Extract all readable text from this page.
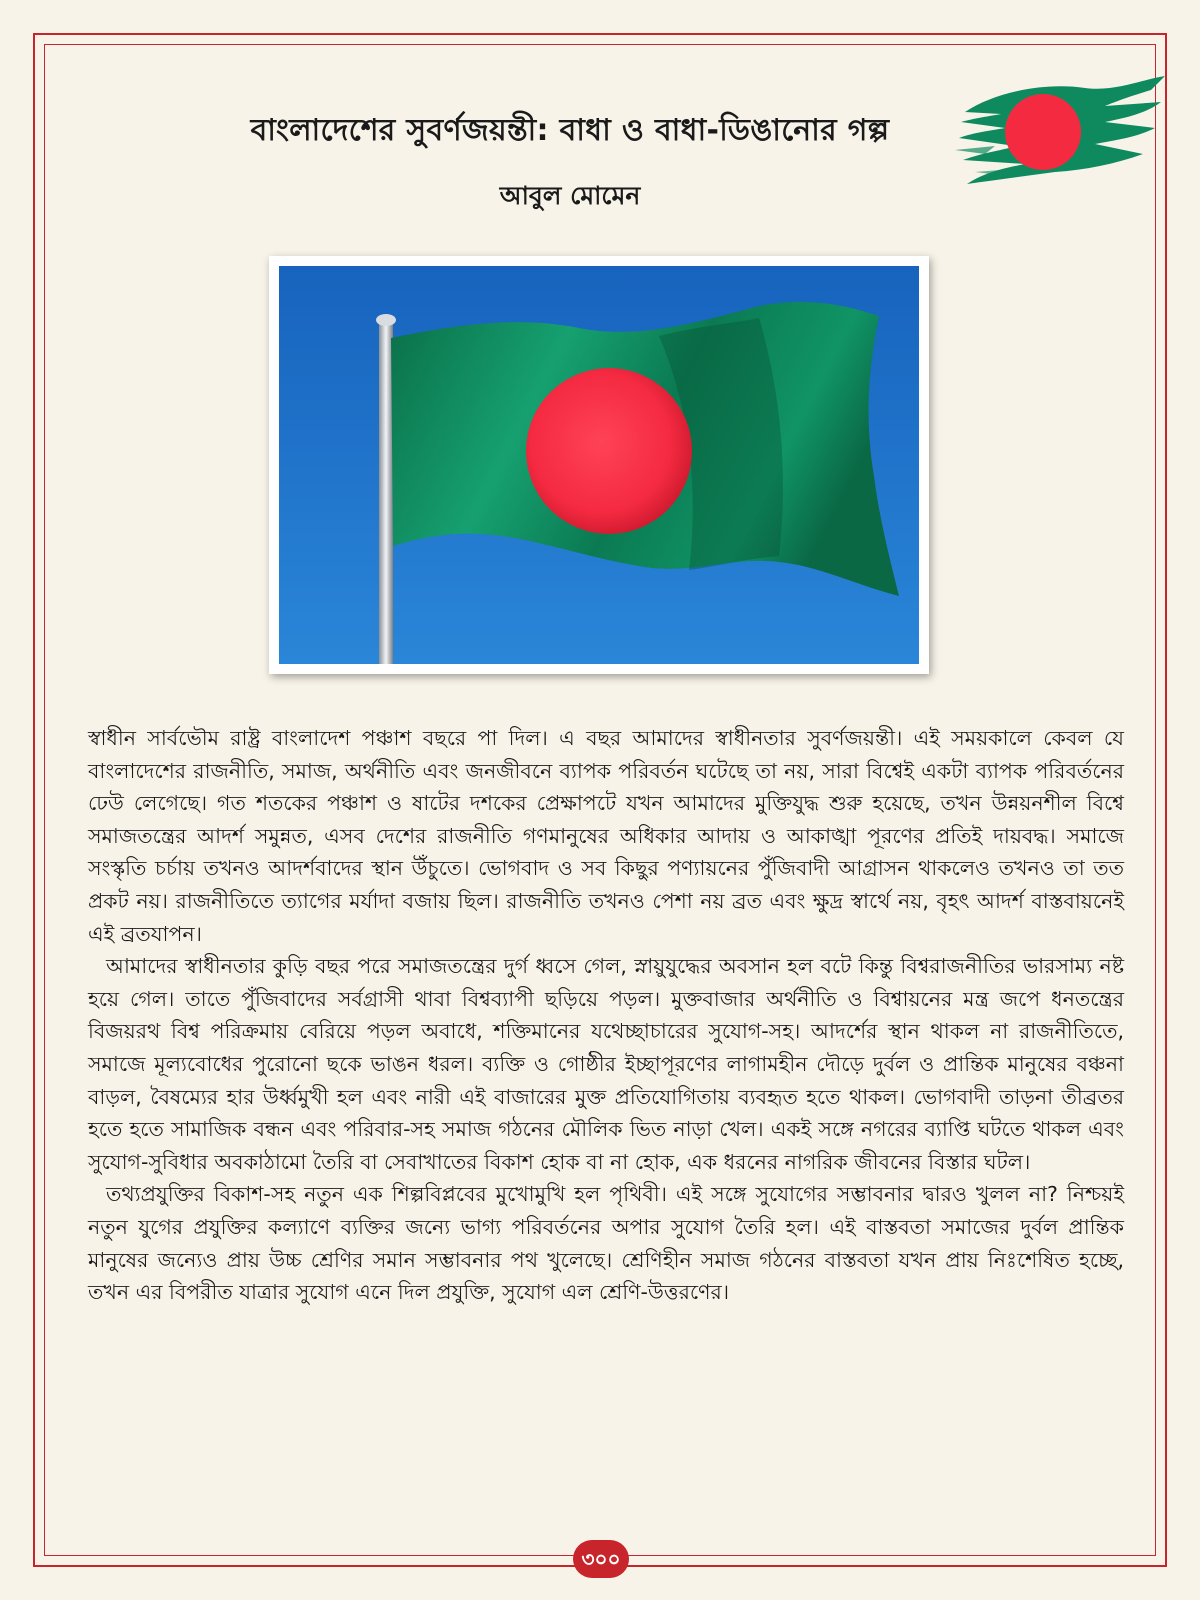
বাংলাদেশের সুবর্ণজয়ন্তী: বাধা ও বাধা-ডিঙানোর গল্প
আবুল মোমেন

স্বাধীন সার্বভৌম রাষ্ট্র বাংলাদেশ পঞ্চাশ বছরে পা দিল। এ বছর আমাদের স্বাধীনতার সুবর্ণজয়ন্তী। এই সময়কালে কেবল যে বাংলাদেশের রাজনীতি, সমাজ, অর্থনীতি এবং জনজীবনে ব্যাপক পরিবর্তন ঘটেছে তা নয়, সারা বিশ্বেই একটা ব্যাপক পরিবর্তনের ঢেউ লেগেছে। গত শতকের পঞ্চাশ ও ষাটের দশকের প্রেক্ষাপটে যখন আমাদের মুক্তিযুদ্ধ শুরু হয়েছে, তখন উন্নয়নশীল বিশ্বে সমাজতন্ত্রের আদর্শ সমুন্নত, এসব দেশের রাজনীতি গণমানুষের অধিকার আদায় ও আকাঙ্খা পূরণের প্রতিই দায়বদ্ধ। সমাজে সংস্কৃতি চর্চায় তখনও আদর্শবাদের স্থান উঁচুতে। ভোগবাদ ও সব কিছুর পণ্যায়নের পুঁজিবাদী আগ্রাসন থাকলেও তখনও তা তত প্রকট নয়। রাজনীতিতে ত্যাগের মর্যাদা বজায় ছিল। রাজনীতি তখনও পেশা নয় ব্রত এবং ক্ষুদ্র স্বার্থে নয়, বৃহৎ আদর্শ বাস্তবায়নেই এই ব্রতযাপন।

আমাদের স্বাধীনতার কুড়ি বছর পরে সমাজতন্ত্রের দুর্গ ধ্বসে গেল, স্নায়ুযুদ্ধের অবসান হল বটে কিন্তু বিশ্বরাজনীতির ভারসাম্য নষ্ট হয়ে গেল। তাতে পুঁজিবাদের সর্বগ্রাসী থাবা বিশ্বব্যাপী ছড়িয়ে পড়ল। মুক্তবাজার অর্থনীতি ও বিশ্বায়নের মন্ত্র জপে ধনতন্ত্রের বিজয়রথ বিশ্ব পরিক্রমায় বেরিয়ে পড়ল অবাধে, শক্তিমানের যথেচ্ছাচারের সুযোগ-সহ। আদর্শের স্থান থাকল না রাজনীতিতে, সমাজে মূল্যবোধের পুরোনো ছকে ভাঙন ধরল। ব্যক্তি ও গোষ্ঠীর ইচ্ছাপূরণের লাগামহীন দৌড়ে দুর্বল ও প্রান্তিক মানুষের বঞ্চনা বাড়ল, বৈষম্যের হার উর্ধ্বমুখী হল এবং নারী এই বাজারের মুক্ত প্রতিযোগিতায় ব্যবহৃত হতে থাকল। ভোগবাদী তাড়না তীব্রতর হতে হতে সামাজিক বন্ধন এবং পরিবার-সহ সমাজ গঠনের মৌলিক ভিত নাড়া খেল। একই সঙ্গে নগরের ব্যাপ্তি ঘটতে থাকল এবং সুযোগ-সুবিধার অবকাঠামো তৈরি বা সেবাখাতের বিকাশ হোক বা না হোক, এক ধরনের নাগরিক জীবনের বিস্তার ঘটল।

তথ্যপ্রযুক্তির বিকাশ-সহ নতুন এক শিল্পবিপ্লবের মুখোমুখি হল পৃথিবী। এই সঙ্গে সুযোগের সম্ভাবনার দ্বারও খুলল না? নিশ্চয়ই নতুন যুগের প্রযুক্তির কল্যাণে ব্যক্তির জন্যে ভাগ্য পরিবর্তনের অপার সুযোগ তৈরি হল। এই বাস্তবতা সমাজের দুর্বল প্রান্তিক মানুষের জন্যেও প্রায় উচ্চ শ্রেণির সমান সম্ভাবনার পথ খুলেছে। শ্রেণিহীন সমাজ গঠনের বাস্তবতা যখন প্রায় নিঃশেষিত হচ্ছে, তখন এর বিপরীত যাত্রার সুযোগ এনে দিল প্রযুক্তি, সুযোগ এল শ্রেণি-উত্তরণের।

৩০০
